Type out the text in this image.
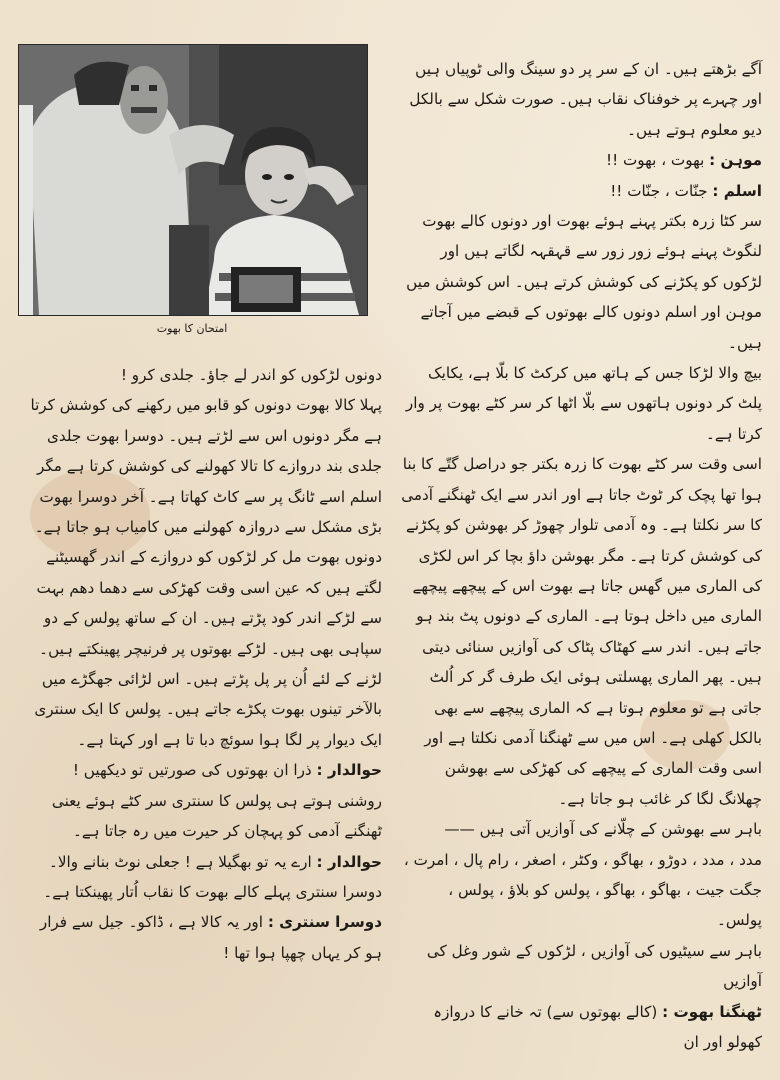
امتحان کا بھوت

آگے بڑھتے ہیں۔ ان کے سر پر دو سینگ والی ٹوپیاں ہیں اور چہرے پر خوفناک نقاب ہیں۔ صورت شکل سے بالکل دیو معلوم ہوتے ہیں۔

موہن : بھوت ، بھوت !!

اسلم : جنّات ، جنّات !!

سر کٹا زرہ بکتر پہنے ہوئے بھوت اور دونوں کالے بھوت لنگوٹ پہنے ہوئے زور زور سے قہقہہ لگاتے ہیں اور لڑکوں کو پکڑنے کی کوشش کرتے ہیں۔ اس کوشش میں موہن اور اسلم دونوں کالے بھوتوں کے قبضے میں آجاتے ہیں۔

بیچ والا لڑکا جس کے ہاتھ میں کرکٹ کا بلّا ہے، یکایک پلٹ کر دونوں ہاتھوں سے بلّا اٹھا کر سر کٹے بھوت پر وار کرتا ہے۔

اسی وقت سر کٹے بھوت کا زرہ بکتر جو دراصل گتّے کا بنا ہوا تھا پچک کر ٹوٹ جاتا ہے اور اندر سے ایک ٹھنگنے آدمی کا سر نکلتا ہے۔ وہ آدمی تلوار چھوڑ کر بھوشن کو پکڑنے کی کوشش کرتا ہے۔ مگر بھوشن داؤ بچا کر اس لکڑی کی الماری میں گھس جاتا ہے بھوت اس کے پیچھے پیچھے الماری میں داخل ہوتا ہے۔ الماری کے دونوں پٹ بند ہو جاتے ہیں۔ اندر سے کھٹاک پٹاک کی آوازیں سنائی دیتی ہیں۔ پھر الماری پھسلتی ہوئی ایک طرف گر کر اُلٹ جاتی ہے تو معلوم ہوتا ہے کہ الماری پیچھے سے بھی بالکل کھلی ہے۔ اس میں سے ٹھنگنا آدمی نکلتا ہے اور اسی وقت الماری کے پیچھے کی کھڑکی سے بھوشن چھلانگ لگا کر غائب ہو جاتا ہے۔

باہر سے بھوشن کے چلّانے کی آوازیں آتی ہیں ——

مدد ، مدد ، دوڑو ، بھاگو ، وکٹر ، اصغر ، رام پال ، امرت ، جگت جیت ، بھاگو ، بھاگو ، پولس کو بلاؤ ، پولس ، پولس۔

باہر سے سیٹیوں کی آوازیں ، لڑکوں کے شور وغل کی آوازیں

ٹھنگنا بھوت : (کالے بھوتوں سے) تہ خانے کا دروازہ کھولو اور ان

دونوں لڑکوں کو اندر لے جاؤ۔ جلدی کرو !

پہلا کالا بھوت دونوں کو قابو میں رکھنے کی کوشش کرتا ہے مگر دونوں اس سے لڑتے ہیں۔ دوسرا بھوت جلدی جلدی بند دروازے کا تالا کھولنے کی کوشش کرتا ہے مگر اسلم اسے ٹانگ پر سے کاٹ کھاتا ہے۔ آخر دوسرا بھوت بڑی مشکل سے دروازہ کھولنے میں کامیاب ہو جاتا ہے۔ دونوں بھوت مل کر لڑکوں کو دروازے کے اندر گھسیٹنے لگتے ہیں کہ عین اسی وقت کھڑکی سے دھما دھم بہت سے لڑکے اندر کود پڑتے ہیں۔ ان کے ساتھ پولس کے دو سپاہی بھی ہیں۔ لڑکے بھوتوں پر فرنیچر پھینکتے ہیں۔ لڑنے کے لئے اُن پر پل پڑتے ہیں۔ اس لڑائی جھگڑے میں بالآخر تینوں بھوت پکڑے جاتے ہیں۔ پولس کا ایک سنتری ایک دیوار پر لگا ہوا سوئچ دبا تا ہے اور کہتا ہے۔

حوالدار : ذرا ان بھوتوں کی صورتیں تو دیکھیں !

روشنی ہوتے ہی پولس کا سنتری سر کٹے ہوئے یعنی ٹھنگنے آدمی کو پہچان کر حیرت میں رہ جاتا ہے۔

حوالدار : ارے یہ تو بھگیلا ہے ! جعلی نوٹ بنانے والا۔

دوسرا سنتری پہلے کالے بھوت کا نقاب اُتار پھینکتا ہے۔

دوسرا سنتری : اور یہ کالا ہے ، ڈاکو۔ جیل سے فرار ہو کر یہاں چھپا ہوا تھا !
